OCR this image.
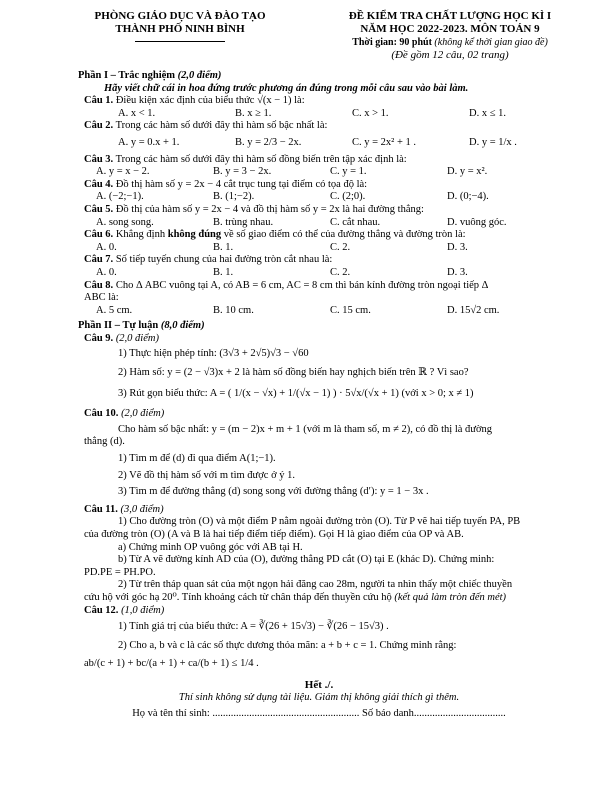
PHÒNG GIÁO DỤC VÀ ĐÀO TẠO
THÀNH PHỐ NINH BÌNH
ĐỀ KIỂM TRA CHẤT LƯỢNG HỌC KÌ I
NĂM HỌC 2022-2023. MÔN TOÁN 9
Thời gian: 90 phút (không kể thời gian giao đề)
(Đề gồm 12 câu, 02 trang)
Phần I – Trắc nghiệm (2,0 điểm)
Hãy viết chữ cái in hoa đứng trước phương án đúng trong mỗi câu sau vào bài làm.
Câu 1. Điều kiện xác định của biểu thức √(x − 1) là:
A. x < 1.	B. x ≥ 1.	C. x > 1.	D. x ≤ 1.
Câu 2. Trong các hàm số dưới đây thì hàm số bậc nhất là:
A. y = 0.x + 1.	B. y = 2/3 − 2x.	C. y = 2x² + 1 .	D. y = 1/x .
Câu 3. Trong các hàm số dưới đây thì hàm số đồng biến trên tập xác định là:
A. y = x − 2.	B. y = 3 − 2x.	C. y = 1.	D. y = x².
Câu 4. Đồ thị hàm số y = 2x − 4 cắt trục tung tại điểm có tọa độ là:
A. (−2;−1).	B. (1;−2).	C. (2;0).	D. (0;−4).
Câu 5. Đồ thị của hàm số y = 2x − 4 và đồ thị hàm số y = 2x là hai đường thẳng:
A. song song.	B. trùng nhau.	C. cắt nhau.	D. vuông góc.
Câu 6. Khẳng định không đúng về số giao điểm có thể của đường thẳng và đường tròn là:
A. 0.	B. 1.	C. 2.	D. 3.
Câu 7. Số tiếp tuyến chung của hai đường tròn cắt nhau là:
A. 0.	B. 1.	C. 2.	D. 3.
Câu 8. Cho Δ ABC vuông tại A, có AB = 6 cm, AC = 8 cm thì bán kính đường tròn ngoại tiếp Δ
ABC là:
A. 5 cm.	B. 10 cm.	C. 15 cm.	D. 15√2 cm.
Phần II – Tự luận (8,0 điểm)
Câu 9. (2,0 điểm)
1) Thực hiện phép tính: (3√3 + 2√5)√3 − √60
2) Hàm số: y = (2 − √3)x + 2 là hàm số đồng biến hay nghịch biến trên ℝ ? Vì sao?
3) Rút gọn biểu thức: A = ( 1/(x − √x) + 1/(√x − 1) ) · 5√x/(√x + 1) (với x > 0; x ≠ 1)
Câu 10. (2,0 điểm)
Cho hàm số bậc nhất: y = (m − 2)x + m + 1 (với m là tham số, m ≠ 2), có đồ thị là đường
thẳng (d).
1) Tìm m để (d) đi qua điểm A(1;−1).
2) Vẽ đồ thị hàm số với m tìm được ở ý 1.
3) Tìm m để đường thẳng (d) song song với đường thẳng (d′): y = 1 − 3x .
Câu 11. (3,0 điểm)
1) Cho đường tròn (O) và một điểm P nằm ngoài đường tròn (O). Từ P vẽ hai tiếp tuyến PA, PB
của đường tròn (O) (A và B là hai tiếp điểm tiếp điểm). Gọi H là giao điểm của OP và AB.
a) Chứng minh OP vuông góc với AB tại H.
b) Từ A vẽ đường kính AD của (O), đường thẳng PD cắt (O) tại E (khác D). Chứng minh:
PD.PE = PH.PO.
2) Từ trên tháp quan sát của một ngọn hải đăng cao 28m, người ta nhìn thấy một chiếc thuyền
cứu hộ với góc hạ 20⁰. Tính khoảng cách từ chân tháp đến thuyền cứu hộ (kết quả làm tròn đến mét)
Câu 12. (1,0 điểm)
1) Tính giá trị của biểu thức: A = ∛(26 + 15√3) − ∛(26 − 15√3) .
2) Cho a, b và c là các số thực dương thỏa mãn: a + b + c = 1. Chứng minh rằng:
ab/(c + 1) + bc/(a + 1) + ca/(b + 1) ≤ 1/4 .
Hết ./.
Thí sinh không sử dụng tài liệu. Giám thị không giải thích gì thêm.
Họ và tên thí sinh: ........................................................ Số báo danh...................................
